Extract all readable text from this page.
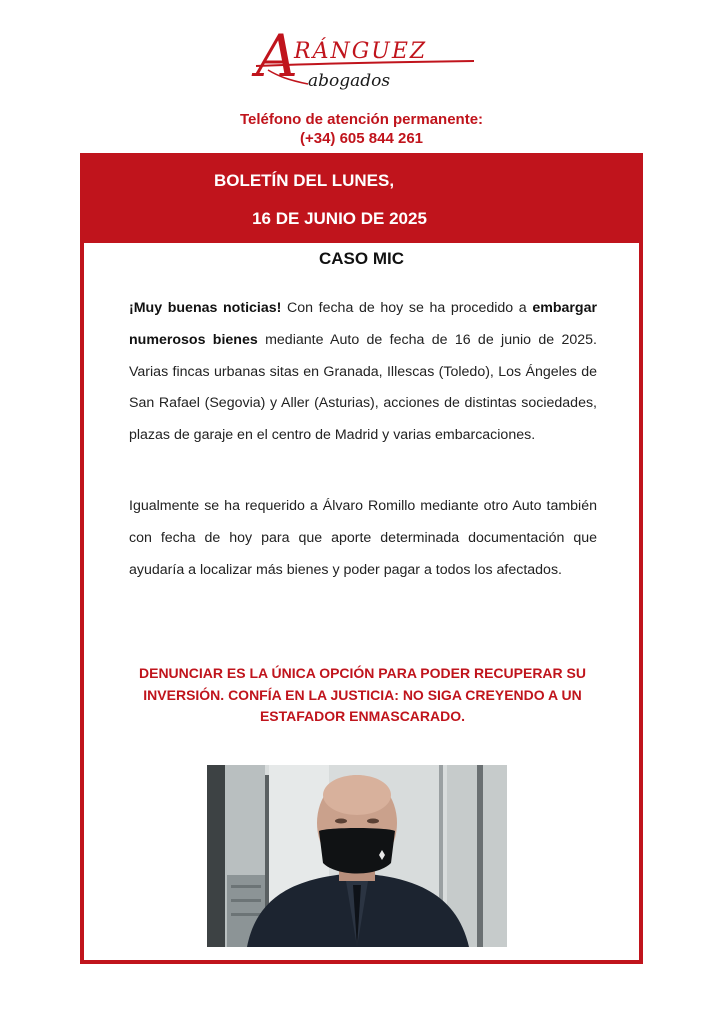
A
RÁNGUEZ
abogados
Teléfono de atención permanente:
(+34) 605 844 261
BOLETÍN DEL LUNES,
16 DE JUNIO DE 2025
CASO MIC

¡Muy buenas noticias! Con fecha de hoy se ha procedido a embargar numerosos bienes mediante Auto de fecha de 16 de junio de 2025. Varias fincas urbanas sitas en Granada, Illescas (Toledo), Los Ángeles de San Rafael (Segovia) y Aller (Asturias), acciones de distintas sociedades, plazas de garaje en el centro de Madrid y varias embarcaciones.

Igualmente se ha requerido a Álvaro Romillo mediante otro Auto también con fecha de hoy para que aporte determinada documentación que ayudaría a localizar más bienes y poder pagar a todos los afectados.

DENUNCIAR ES LA ÚNICA OPCIÓN PARA PODER RECUPERAR SU
INVERSIÓN. CONFÍA EN LA JUSTICIA: NO SIGA CREYENDO A UN
ESTAFADOR ENMASCARADO.
